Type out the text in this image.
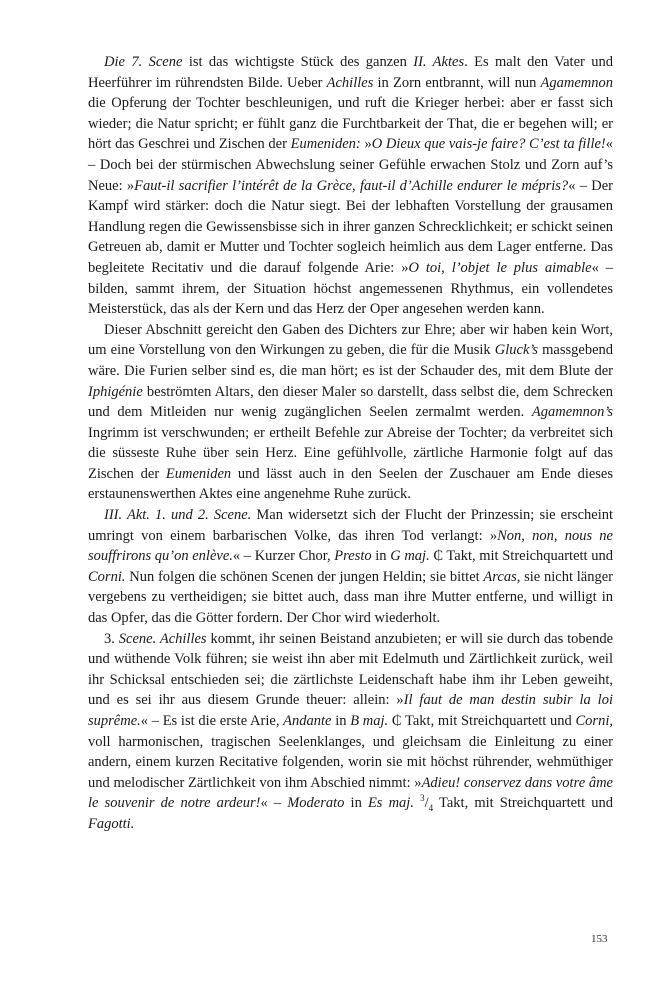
Die 7. Scene ist das wichtigste Stück des ganzen II. Aktes. Es malt den Vater und Heerführer im rührendsten Bilde. Ueber Achilles in Zorn entbrannt, will nun Agamemnon die Opferung der Tochter beschleunigen, und ruft die Krieger herbei: aber er fasst sich wieder; die Natur spricht; er fühlt ganz die Furchtbarkeit der That, die er begehen will; er hört das Geschrei und Zischen der Eumeniden: »O Dieux que vais-je faire? C’est ta fille!« – Doch bei der stürmischen Abwechslung seiner Gefühle erwachen Stolz und Zorn auf’s Neue: »Faut-il sacrifier l’intérêt de la Grèce, faut-il d’Achille endurer le mépris?« – Der Kampf wird stärker: doch die Natur siegt. Bei der lebhaften Vorstellung der grausamen Handlung regen die Gewissensbisse sich in ihrer ganzen Schrecklichkeit; er schickt seinen Getreuen ab, damit er Mutter und Tochter sogleich heimlich aus dem Lager entferne. Das begleitete Recitativ und die darauf folgende Arie: »O toi, l’objet le plus aimable« – bilden, sammt ihrem, der Situation höchst angemessenen Rhythmus, ein vollendetes Meisterstück, das als der Kern und das Herz der Oper angesehen werden kann.

Dieser Abschnitt gereicht den Gaben des Dichters zur Ehre; aber wir haben kein Wort, um eine Vorstellung von den Wirkungen zu geben, die für die Musik Gluck’s massgebend wäre. Die Furien selber sind es, die man hört; es ist der Schauder des, mit dem Blute der Iphigénie beströmten Altars, den dieser Maler so darstellt, dass selbst die, dem Schrecken und dem Mitleiden nur wenig zugänglichen Seelen zermalmt werden. Agamemnon’s Ingrimm ist verschwunden; er ertheilt Befehle zur Abreise der Tochter; da verbreitet sich die süsseste Ruhe über sein Herz. Eine gefühlvolle, zärtliche Harmonie folgt auf das Zischen der Eumeniden und lässt auch in den Seelen der Zuschauer am Ende dieses erstaunenswerthen Aktes eine angenehme Ruhe zurück.

III. Akt. 1. und 2. Scene. Man widersetzt sich der Flucht der Prinzessin; sie erscheint umringt von einem barbarischen Volke, das ihren Tod verlangt: »Non, non, nous ne souffrirons qu’on enlève.« – Kurzer Chor, Presto in G maj. ₵ Takt, mit Streichquartett und Corni. Nun folgen die schönen Scenen der jungen Heldin; sie bittet Arcas, sie nicht länger vergebens zu vertheidigen; sie bittet auch, dass man ihre Mutter entferne, und willigt in das Opfer, das die Götter fordern. Der Chor wird wiederholt.

3. Scene. Achilles kommt, ihr seinen Beistand anzubieten; er will sie durch das tobende und wüthende Volk führen; sie weist ihn aber mit Edelmuth und Zärtlichkeit zurück, weil ihr Schicksal entschieden sei; die zärtlichste Leidenschaft habe ihm ihr Leben geweiht, und es sei ihr aus diesem Grunde theuer: allein: »Il faut de man destin subir la loi suprême.« – Es ist die erste Arie, Andante in B maj. ₵ Takt, mit Streichquartett und Corni, voll harmonischen, tragischen Seelenklanges, und gleichsam die Einleitung zu einer andern, einem kurzen Recitative folgenden, worin sie mit höchst rührender, wehmüthiger und melodischer Zärtlichkeit von ihm Abschied nimmt: »Adieu! conservez dans votre âme le souvenir de notre ardeur!« – Moderato in Es maj. $^3/_4$ Takt, mit Streichquartett und Fagotti.

153
